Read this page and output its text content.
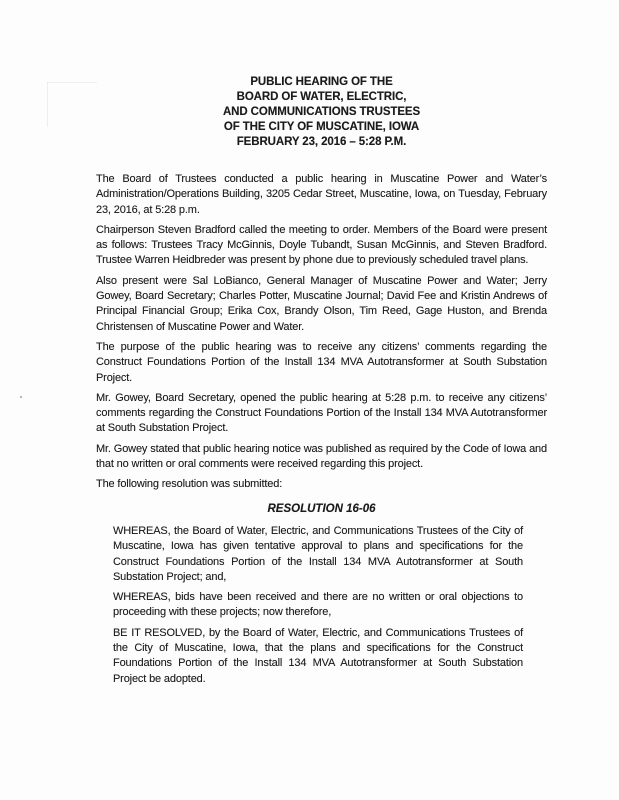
PUBLIC HEARING OF THE

BOARD OF WATER, ELECTRIC,

AND COMMUNICATIONS TRUSTEES

OF THE CITY OF MUSCATINE, IOWA

FEBRUARY 23, 2016 – 5:28 P.M.

The Board of Trustees conducted a public hearing in Muscatine Power and Water’s Administration/Operations Building, 3205 Cedar Street, Muscatine, Iowa, on Tuesday, February 23, 2016, at 5:28 p.m.

Chairperson Steven Bradford called the meeting to order. Members of the Board were present as follows: Trustees Tracy McGinnis, Doyle Tubandt, Susan McGinnis, and Steven Bradford. Trustee Warren Heidbreder was present by phone due to previously scheduled travel plans.

Also present were Sal LoBianco, General Manager of Muscatine Power and Water; Jerry Gowey, Board Secretary; Charles Potter, Muscatine Journal; David Fee and Kristin Andrews of Principal Financial Group; Erika Cox, Brandy Olson, Tim Reed, Gage Huston, and Brenda Christensen of Muscatine Power and Water.

The purpose of the public hearing was to receive any citizens’ comments regarding the Construct Foundations Portion of the Install 134 MVA Autotransformer at South Substation Project.

Mr. Gowey, Board Secretary, opened the public hearing at 5:28 p.m. to receive any citizens’ comments regarding the Construct Foundations Portion of the Install 134 MVA Autotransformer at South Substation Project.

Mr. Gowey stated that public hearing notice was published as required by the Code of Iowa and that no written or oral comments were received regarding this project.

The following resolution was submitted:

RESOLUTION 16-06

WHEREAS, the Board of Water, Electric, and Communications Trustees of the City of Muscatine, Iowa has given tentative approval to plans and specifications for the Construct Foundations Portion of the Install 134 MVA Autotransformer at South Substation Project; and,

WHEREAS, bids have been received and there are no written or oral objections to proceeding with these projects; now therefore,

BE IT RESOLVED, by the Board of Water, Electric, and Communications Trustees of the City of Muscatine, Iowa, that the plans and specifications for the Construct Foundations Portion of the Install 134 MVA Autotransformer at South Substation Project be adopted.
